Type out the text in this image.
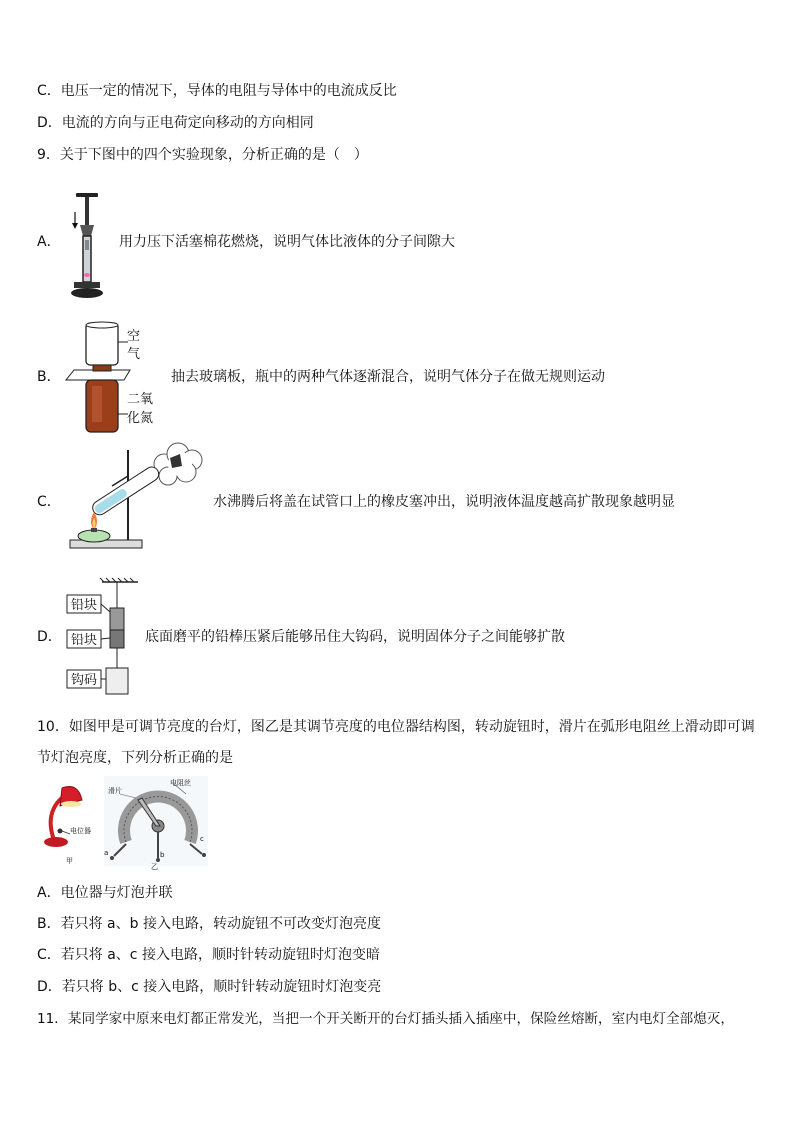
C．电压一定的情况下，导体的电阻与导体中的电流成反比
D．电流的方向与正电荷定向移动的方向相同
9．关于下图中的四个实验现象，分析正确的是（　）
A．	用力压下活塞棉花燃烧，说明气体比液体的分子间隙大
B．
空
气
二氧
化氮
抽去玻璃板，瓶中的两种气体逐渐混合，说明气体分子在做无规则运动
C．	水沸腾后将盖在试管口上的橡皮塞冲出，说明液体温度越高扩散现象越明显
D．
铅块
铅块
钩码
底面磨平的铅棒压紧后能够吊住大钩码，说明固体分子之间能够扩散
10．如图甲是可调节亮度的台灯，图乙是其调节亮度的电位器结构图，转动旋钮时，滑片在弧形电阻丝上滑动即可调
节灯泡亮度，下列分析正确的是
电位器
甲
滑片
电阻丝
a	b
c
乙
A．电位器与灯泡并联
B．若只将 a、b 接入电路，转动旋钮不可改变灯泡亮度
C．若只将 a、c 接入电路，顺时针转动旋钮时灯泡变暗
D．若只将 b、c 接入电路，顺时针转动旋钮时灯泡变亮
11．某同学家中原来电灯都正常发光，当把一个开关断开的台灯插头插入插座中，保险丝熔断，室内电灯全部熄灭，
